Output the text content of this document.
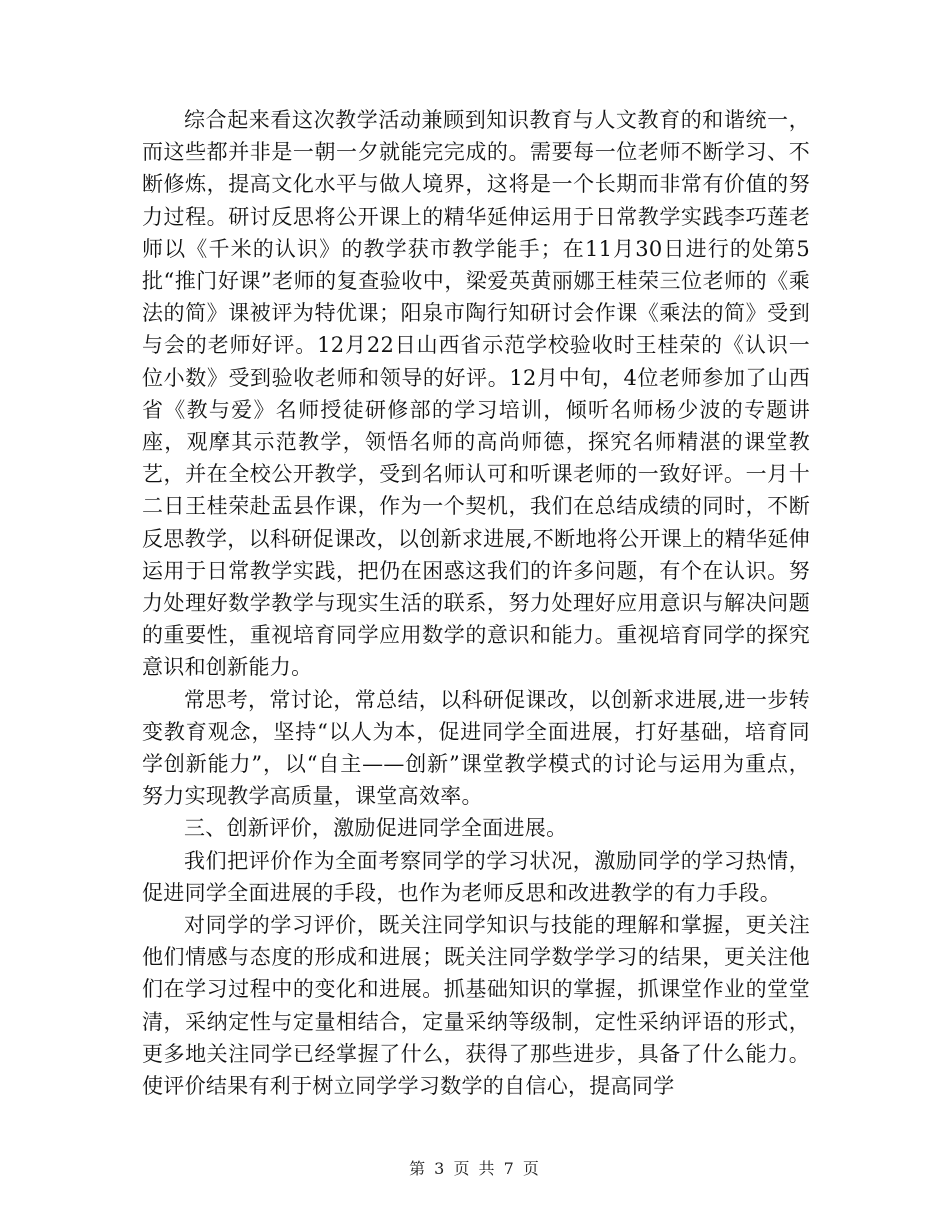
综合起来看这次教学活动兼顾到知识教育与人文教育的和谐统一，而这些都并非是一朝一夕就能完完成的。需要每一位老师不断学习、不断修炼，提高文化水平与做人境界，这将是一个长期而非常有价值的努力过程。研讨反思将公开课上的精华延伸运用于日常教学实践李巧莲老师以《千米的认识》的教学获市教学能手；在11月30日进行的处第5批“推门好课”老师的复查验收中，梁爱英黄丽娜王桂荣三位老师的《乘法的简》课被评为特优课；阳泉市陶行知研讨会作课《乘法的简》受到与会的老师好评。12月22日山西省示范学校验收时王桂荣的《认识一位小数》受到验收老师和领导的好评。12月中旬，4位老师参加了山西省《教与爱》名师授徒研修部的学习培训，倾听名师杨少波的专题讲座，观摩其示范教学，领悟名师的高尚师德，探究名师精湛的课堂教艺，并在全校公开教学，受到名师认可和听课老师的一致好评。一月十二日王桂荣赴盂县作课，作为一个契机，我们在总结成绩的同时，不断反思教学，以科研促课改，以创新求进展,不断地将公开课上的精华延伸运用于日常教学实践，把仍在困惑这我们的许多问题，有个在认识。努力处理好数学教学与现实生活的联系，努力处理好应用意识与解决问题的重要性，重视培育同学应用数学的意识和能力。重视培育同学的探究意识和创新能力。

常思考，常讨论，常总结，以科研促课改，以创新求进展,进一步转变教育观念，坚持“以人为本，促进同学全面进展，打好基础，培育同学创新能力”，以“自主——创新”课堂教学模式的讨论与运用为重点，努力实现教学高质量，课堂高效率。

三、创新评价，激励促进同学全面进展。

我们把评价作为全面考察同学的学习状况，激励同学的学习热情，促进同学全面进展的手段，也作为老师反思和改进教学的有力手段。

对同学的学习评价，既关注同学知识与技能的理解和掌握，更关注他们情感与态度的形成和进展；既关注同学数学学习的结果，更关注他们在学习过程中的变化和进展。抓基础知识的掌握，抓课堂作业的堂堂清，采纳定性与定量相结合，定量采纳等级制，定性采纳评语的形式，更多地关注同学已经掌握了什么，获得了那些进步，具备了什么能力。使评价结果有利于树立同学学习数学的自信心，提高同学

第 3 页 共 7 页
